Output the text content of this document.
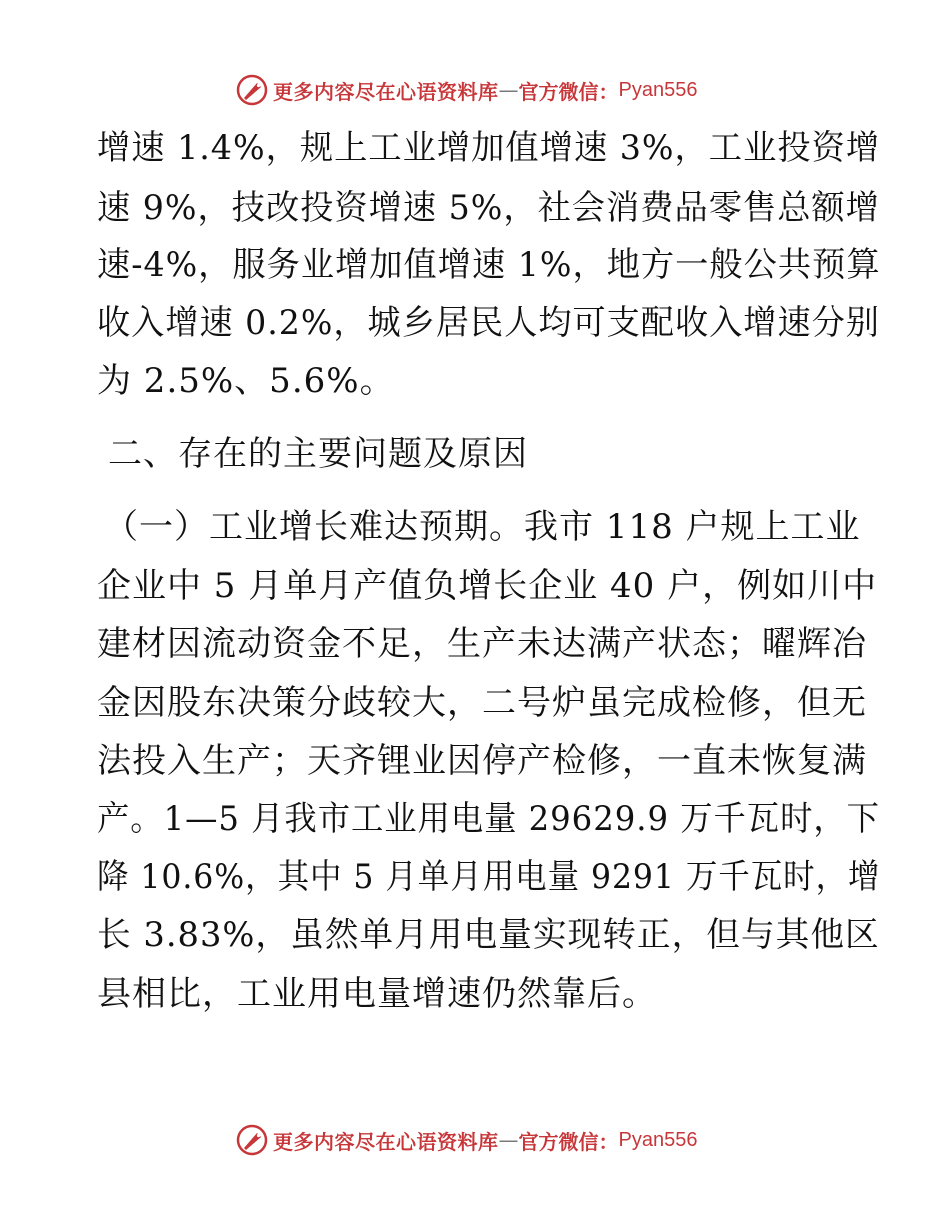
更多内容尽在心语资料库 — 官方微信： Pyan556
增速 1.4%，规上工业增加值增速 3%，工业投资增
速 9%，技改投资增速 5%，社会消费品零售总额增
速-4%，服务业增加值增速 1%，地方一般公共预算
收入增速 0.2%，城乡居民人均可支配收入增速分别
为 2.5%、5.6%。
二、存在的主要问题及原因
（一）工业增长难达预期。我市 118 户规上工业
企业中 5 月单月产值负增长企业 40 户，例如川中
建材因流动资金不足，生产未达满产状态；曜辉冶
金因股东决策分歧较大，二号炉虽完成检修，但无
法投入生产；天齐锂业因停产检修，一直未恢复满
产。1—5 月我市工业用电量 29629.9 万千瓦时，下
降 10.6%，其中 5 月单月用电量 9291 万千瓦时，增
长 3.83%，虽然单月用电量实现转正，但与其他区
县相比，工业用电量增速仍然靠后。
更多内容尽在心语资料库 — 官方微信： Pyan556
